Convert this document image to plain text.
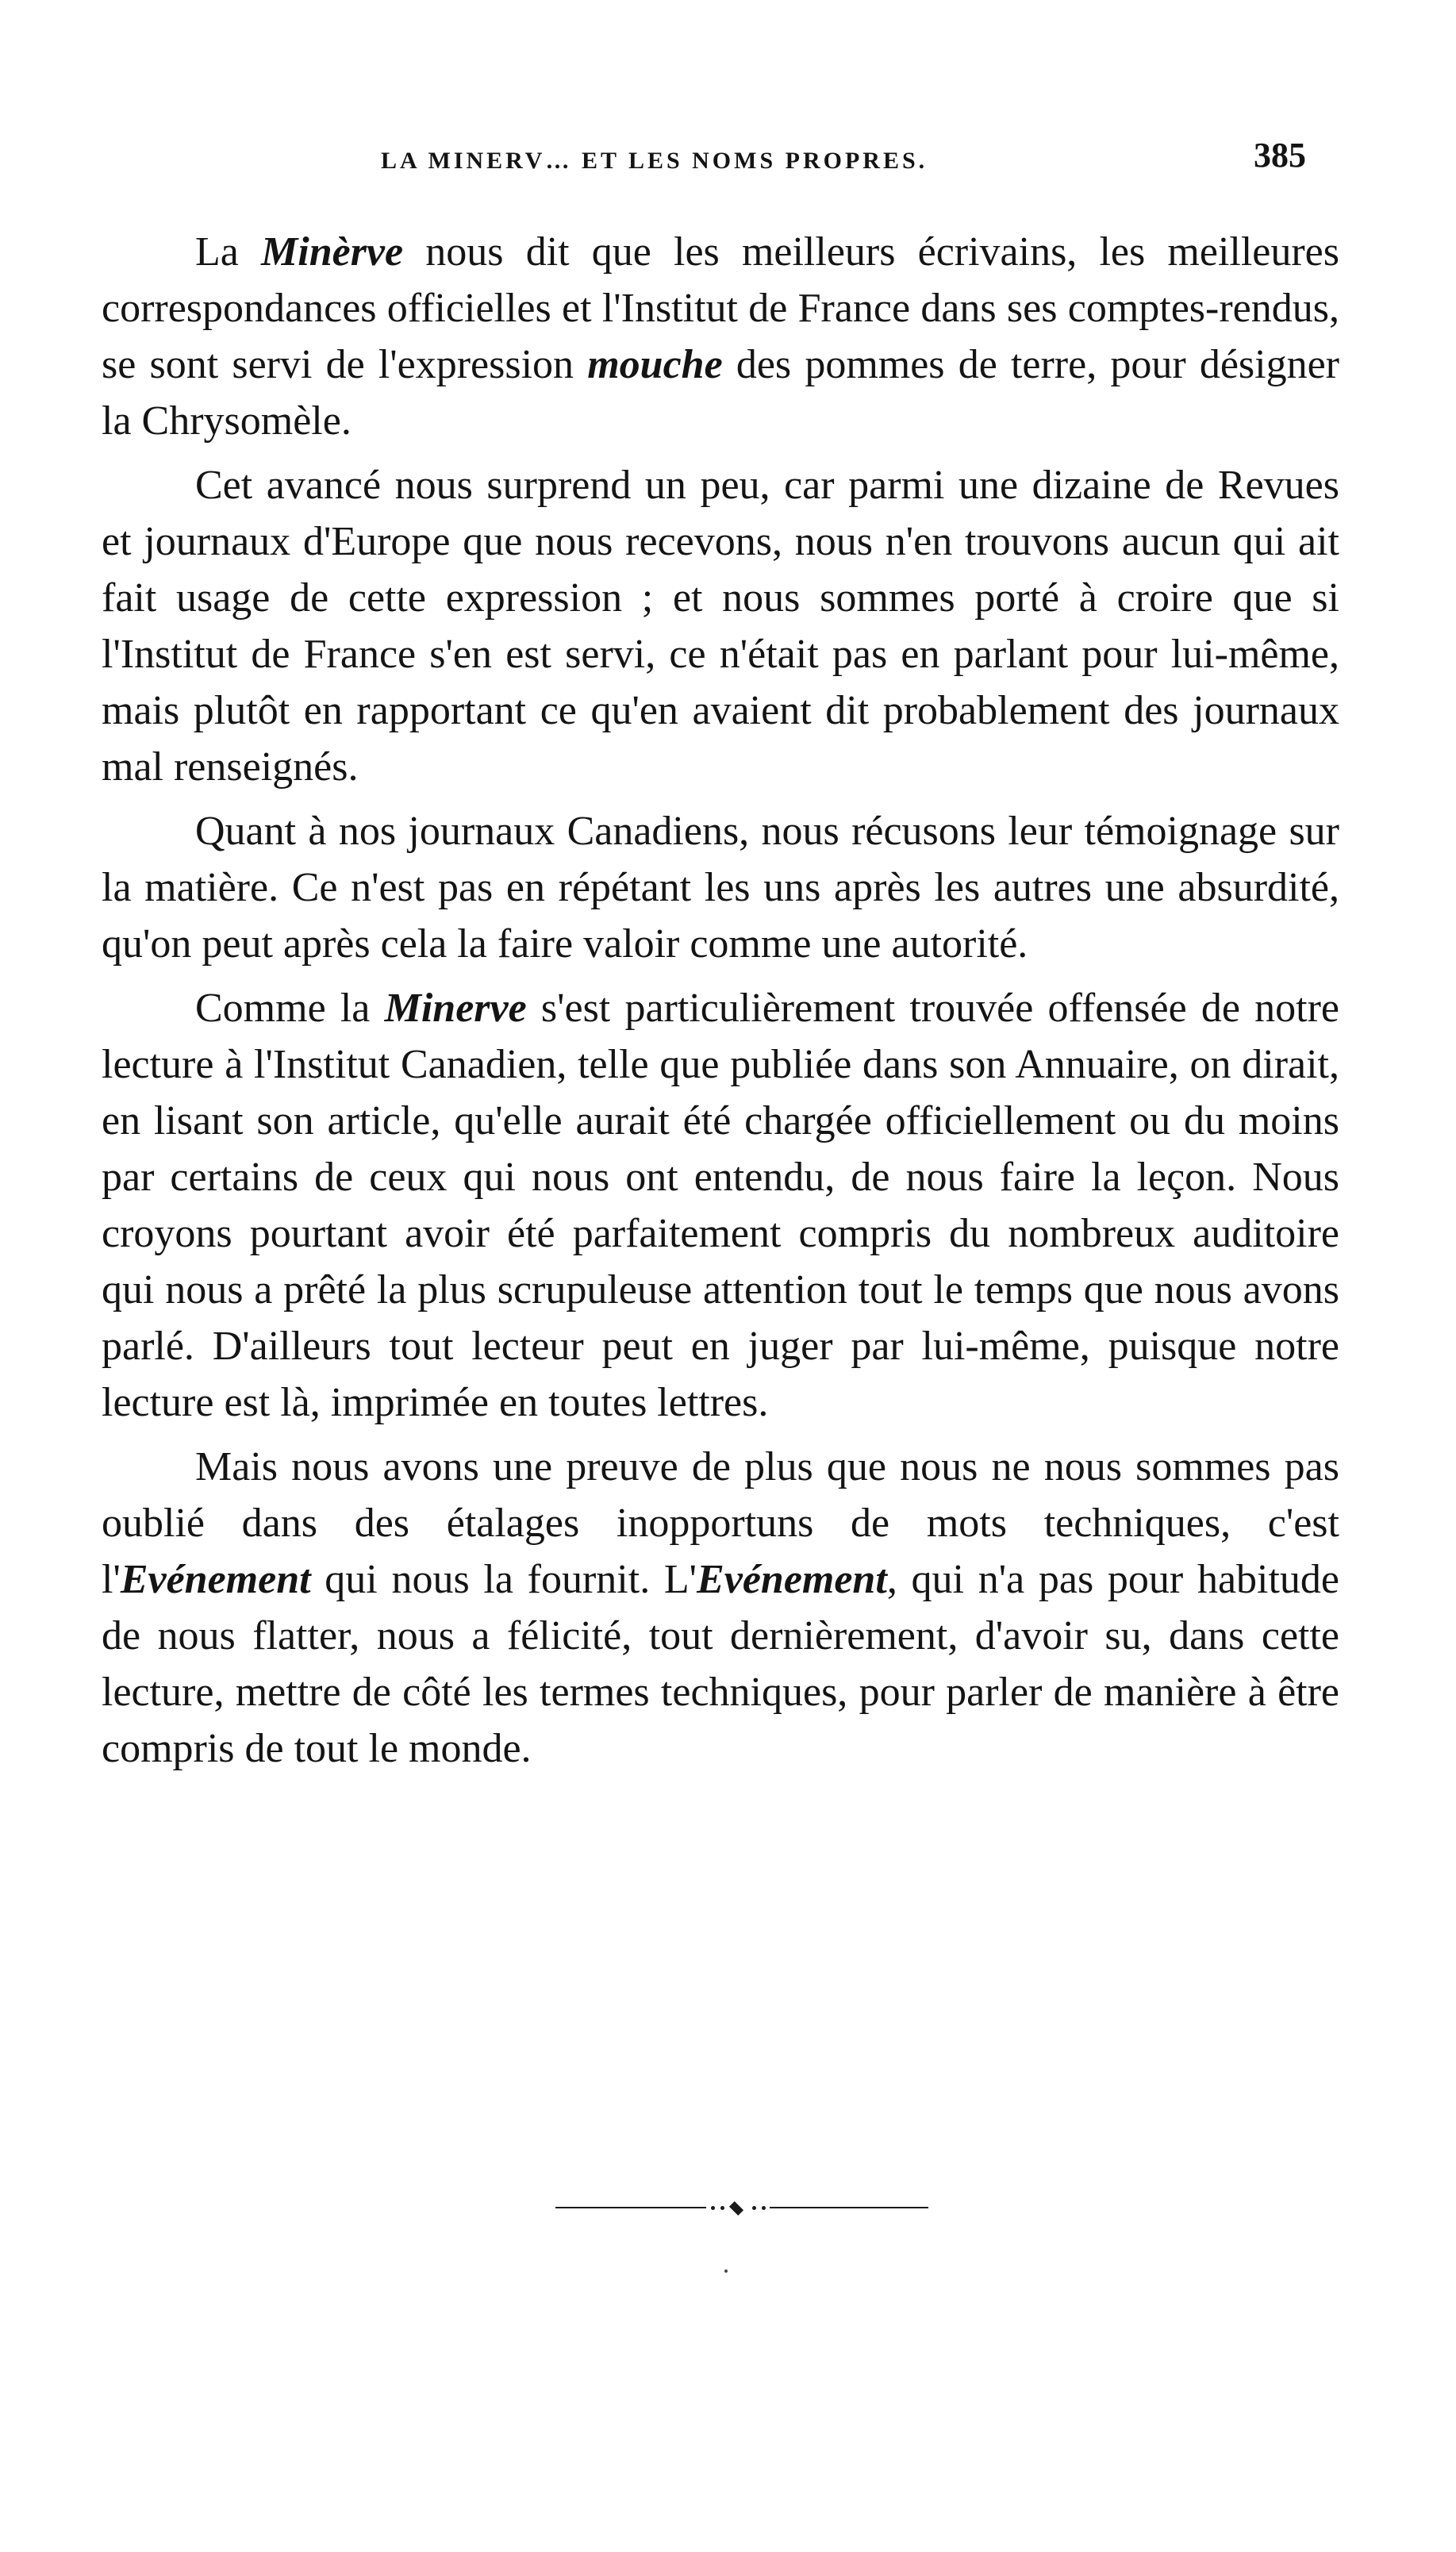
LA MINERV… ET LES NOMS PROPRES.	385

La Minèrve nous dit que les meilleurs écrivains, les meilleures correspondances officielles et l'Institut de France dans ses comptes-rendus, se sont servi de l'expression mouche des pommes de terre, pour désigner la Chrysomèle.

Cet avancé nous surprend un peu, car parmi une dizaine de Revues et journaux d'Europe que nous recevons, nous n'en trouvons aucun qui ait fait usage de cette expression ; et nous sommes porté à croire que si l'Institut de France s'en est servi, ce n'était pas en parlant pour lui-même, mais plutôt en rapportant ce qu'en avaient dit probablement des journaux mal renseignés.

Quant à nos journaux Canadiens, nous récusons leur témoignage sur la matière. Ce n'est pas en répétant les uns après les autres une absurdité, qu'on peut après cela la faire valoir comme une autorité.

Comme la Minerve s'est particulièrement trouvée offensée de notre lecture à l'Institut Canadien, telle que publiée dans son Annuaire, on dirait, en lisant son article, qu'elle aurait été chargée officiellement ou du moins par certains de ceux qui nous ont entendu, de nous faire la leçon. Nous croyons pourtant avoir été parfaitement compris du nombreux auditoire qui nous a prêté la plus scrupuleuse attention tout le temps que nous avons parlé. D'ailleurs tout lecteur peut en juger par lui-même, puisque notre lecture est là, imprimée en toutes lettres.

Mais nous avons une preuve de plus que nous ne nous sommes pas oublié dans des étalages inopportuns de mots techniques, c'est l'Evénement qui nous la fournit. L'Evénement, qui n'a pas pour habitude de nous flatter, nous a félicité, tout dernièrement, d'avoir su, dans cette lecture, mettre de côté les termes techniques, pour parler de manière à être compris de tout le monde.
